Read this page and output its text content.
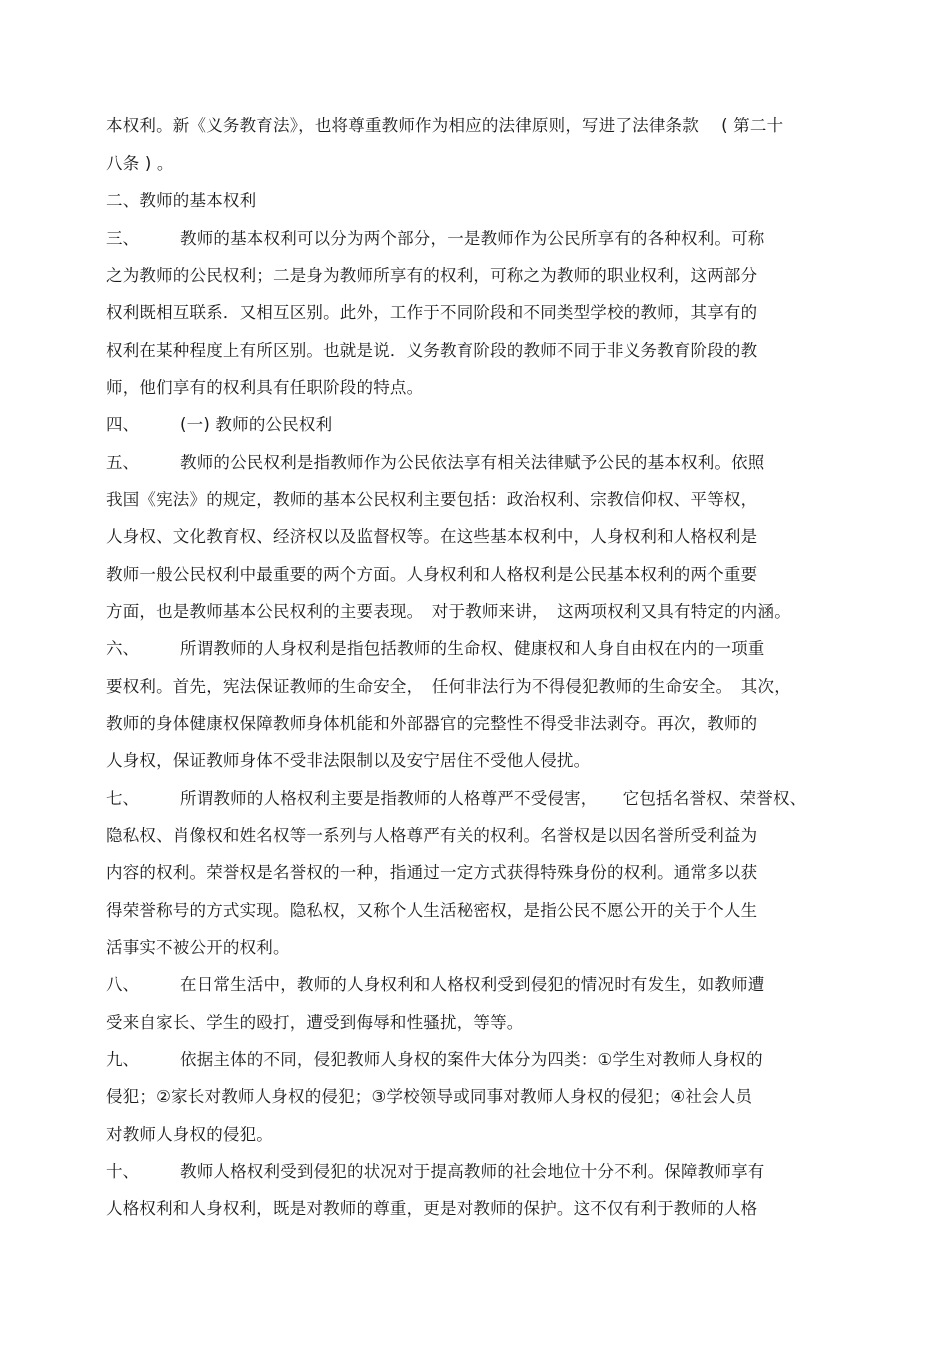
本权利。新《义务教育法》，也将尊重教师作为相应的法律原则，写进了法律条款　 ( 第二十
八条 ) 。
二、教师的基本权利
三、 教师的基本权利可以分为两个部分，一是教师作为公民所享有的各种权利。可称
之为教师的公民权利；二是身为教师所享有的权利，可称之为教师的职业权利，这两部分
权利既相互联系．又相互区别。此外，工作于不同阶段和不同类型学校的教师，其享有的
权利在某种程度上有所区别。也就是说．义务教育阶段的教师不同于非义务教育阶段的教
师，他们享有的权利具有任职阶段的特点。
四、 (一) 教师的公民权利
五、 教师的公民权利是指教师作为公民依法享有相关法律赋予公民的基本权利。依照
我国《宪法》的规定，教师的基本公民权利主要包括：政治权利、宗教信仰权、平等权，
人身权、文化教育权、经济权以及监督权等。在这些基本权利中，人身权利和人格权利是
教师一般公民权利中最重要的两个方面。人身权利和人格权利是公民基本权利的两个重要
方面，也是教师基本公民权利的主要表现。　对于教师来讲，　这两项权利又具有特定的内涵。
六、 所谓教师的人身权利是指包括教师的生命权、健康权和人身自由权在内的一项重
要权利。首先，宪法保证教师的生命安全，　任何非法行为不得侵犯教师的生命安全。　其次，
教师的身体健康权保障教师身体机能和外部器官的完整性不得受非法剥夺。再次，教师的
人身权，保证教师身体不受非法限制以及安宁居住不受他人侵扰。
七、 所谓教师的人格权利主要是指教师的人格尊严不受侵害，　　它包括名誉权、荣誉权、
隐私权、肖像权和姓名权等一系列与人格尊严有关的权利。名誉权是以因名誉所受利益为
内容的权利。荣誉权是名誉权的一种，指通过一定方式获得特殊身份的权利。通常多以获
得荣誉称号的方式实现。隐私权，又称个人生活秘密权，是指公民不愿公开的关于个人生
活事实不被公开的权利。
八、 在日常生活中，教师的人身权利和人格权利受到侵犯的情况时有发生，如教师遭
受来自家长、学生的殴打，遭受到侮辱和性骚扰，等等。
九、 依据主体的不同，侵犯教师人身权的案件大体分为四类：①学生对教师人身权的
侵犯；②家长对教师人身权的侵犯；③学校领导或同事对教师人身权的侵犯；④社会人员
对教师人身权的侵犯。
十、 教师人格权利受到侵犯的状况对于提高教师的社会地位十分不利。保障教师享有
人格权利和人身权利，既是对教师的尊重，更是对教师的保护。这不仅有利于教师的人格
